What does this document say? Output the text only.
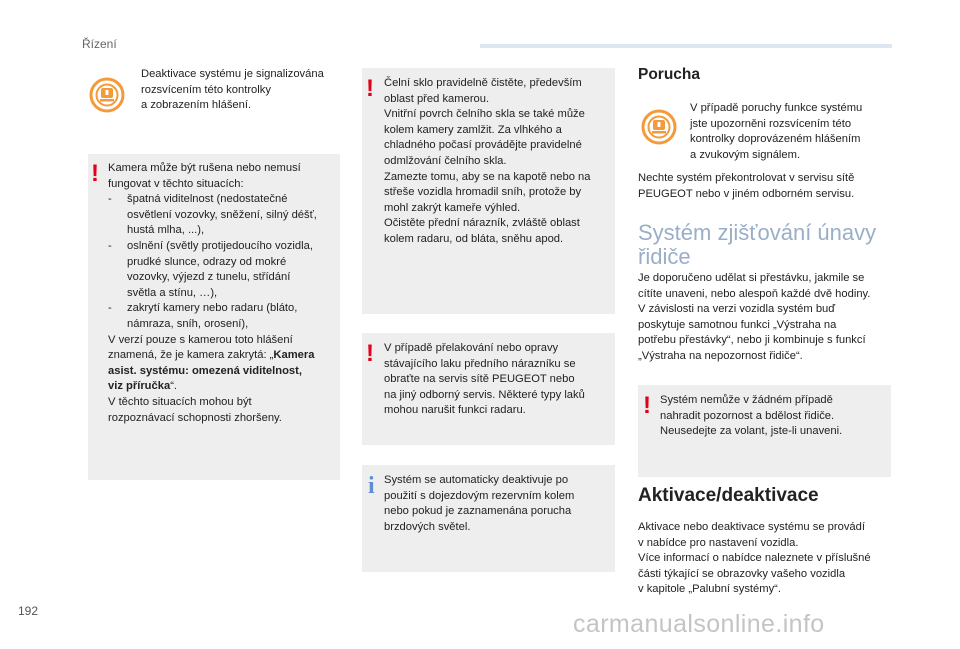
Řízení

Deaktivace systému je signalizována

rozsvícením této kontrolky

a zobrazením hlášení.

! Kamera může být rušena nebo nemusí

fungovat v těchto situacích:

- špatná viditelnost (nedostatečné

osvětlení vozovky, sněžení, silný déšť,

hustá mlha, ...),

- oslnění (světly protijedoucího vozidla,

prudké slunce, odrazy od mokré

vozovky, výjezd z tunelu, střídání

světla a stínu, …),

- zakrytí kamery nebo radaru (bláto,

námraza, sníh, orosení),

V verzí pouze s kamerou toto hlášení

znamená, že je kamera zakrytá: „Kamera

asist. systému: omezená viditelnost,

viz příručka“.

V těchto situacích mohou být

rozpoznávací schopnosti zhoršeny.

! Čelní sklo pravidelně čistěte, především

oblast před kamerou.

Vnitřní povrch čelního skla se také může

kolem kamery zamlžit. Za vlhkého a

chladného počasí provádějte pravidelné

odmlžování čelního skla.

Zamezte tomu, aby se na kapotě nebo na

střeše vozidla hromadil sníh, protože by

mohl zakrýt kameře výhled.

Očistěte přední nárazník, zvláště oblast

kolem radaru, od bláta, sněhu apod.

! V případě přelakování nebo opravy

stávajícího laku předního nárazníku se

obraťte na servis sítě PEUGEOT nebo

na jiný odborný servis. Některé typy laků

mohou narušit funkci radaru.

i Systém se automaticky deaktivuje po

použití s dojezdovým rezervním kolem

nebo pokud je zaznamenána porucha

brzdových světel.

Porucha

V případě poruchy funkce systému

jste upozorněni rozsvícením této

kontrolky doprovázeném hlášením

a zvukovým signálem.

Nechte systém překontrolovat v servisu sítě

PEUGEOT nebo v jiném odborném servisu.

Systém zjišťování únavy
řidiče

Je doporučeno udělat si přestávku, jakmile se

cítíte unaveni, nebo alespoň každé dvě hodiny.

V závislosti na verzi vozidla systém buď

poskytuje samotnou funkci „Výstraha na

potřebu přestávky“, nebo ji kombinuje s funkcí

„Výstraha na nepozornost řidiče“.

! Systém nemůže v žádném případě

nahradit pozornost a bdělost řidiče.

Neusedejte za volant, jste-li unaveni.

Aktivace/deaktivace

Aktivace nebo deaktivace systému se provádí

v nabídce pro nastavení vozidla.

Více informací o nabídce naleznete v příslušné

části týkající se obrazovky vašeho vozidla

v kapitole „Palubní systémy“.

192	carmanualsonline.info
